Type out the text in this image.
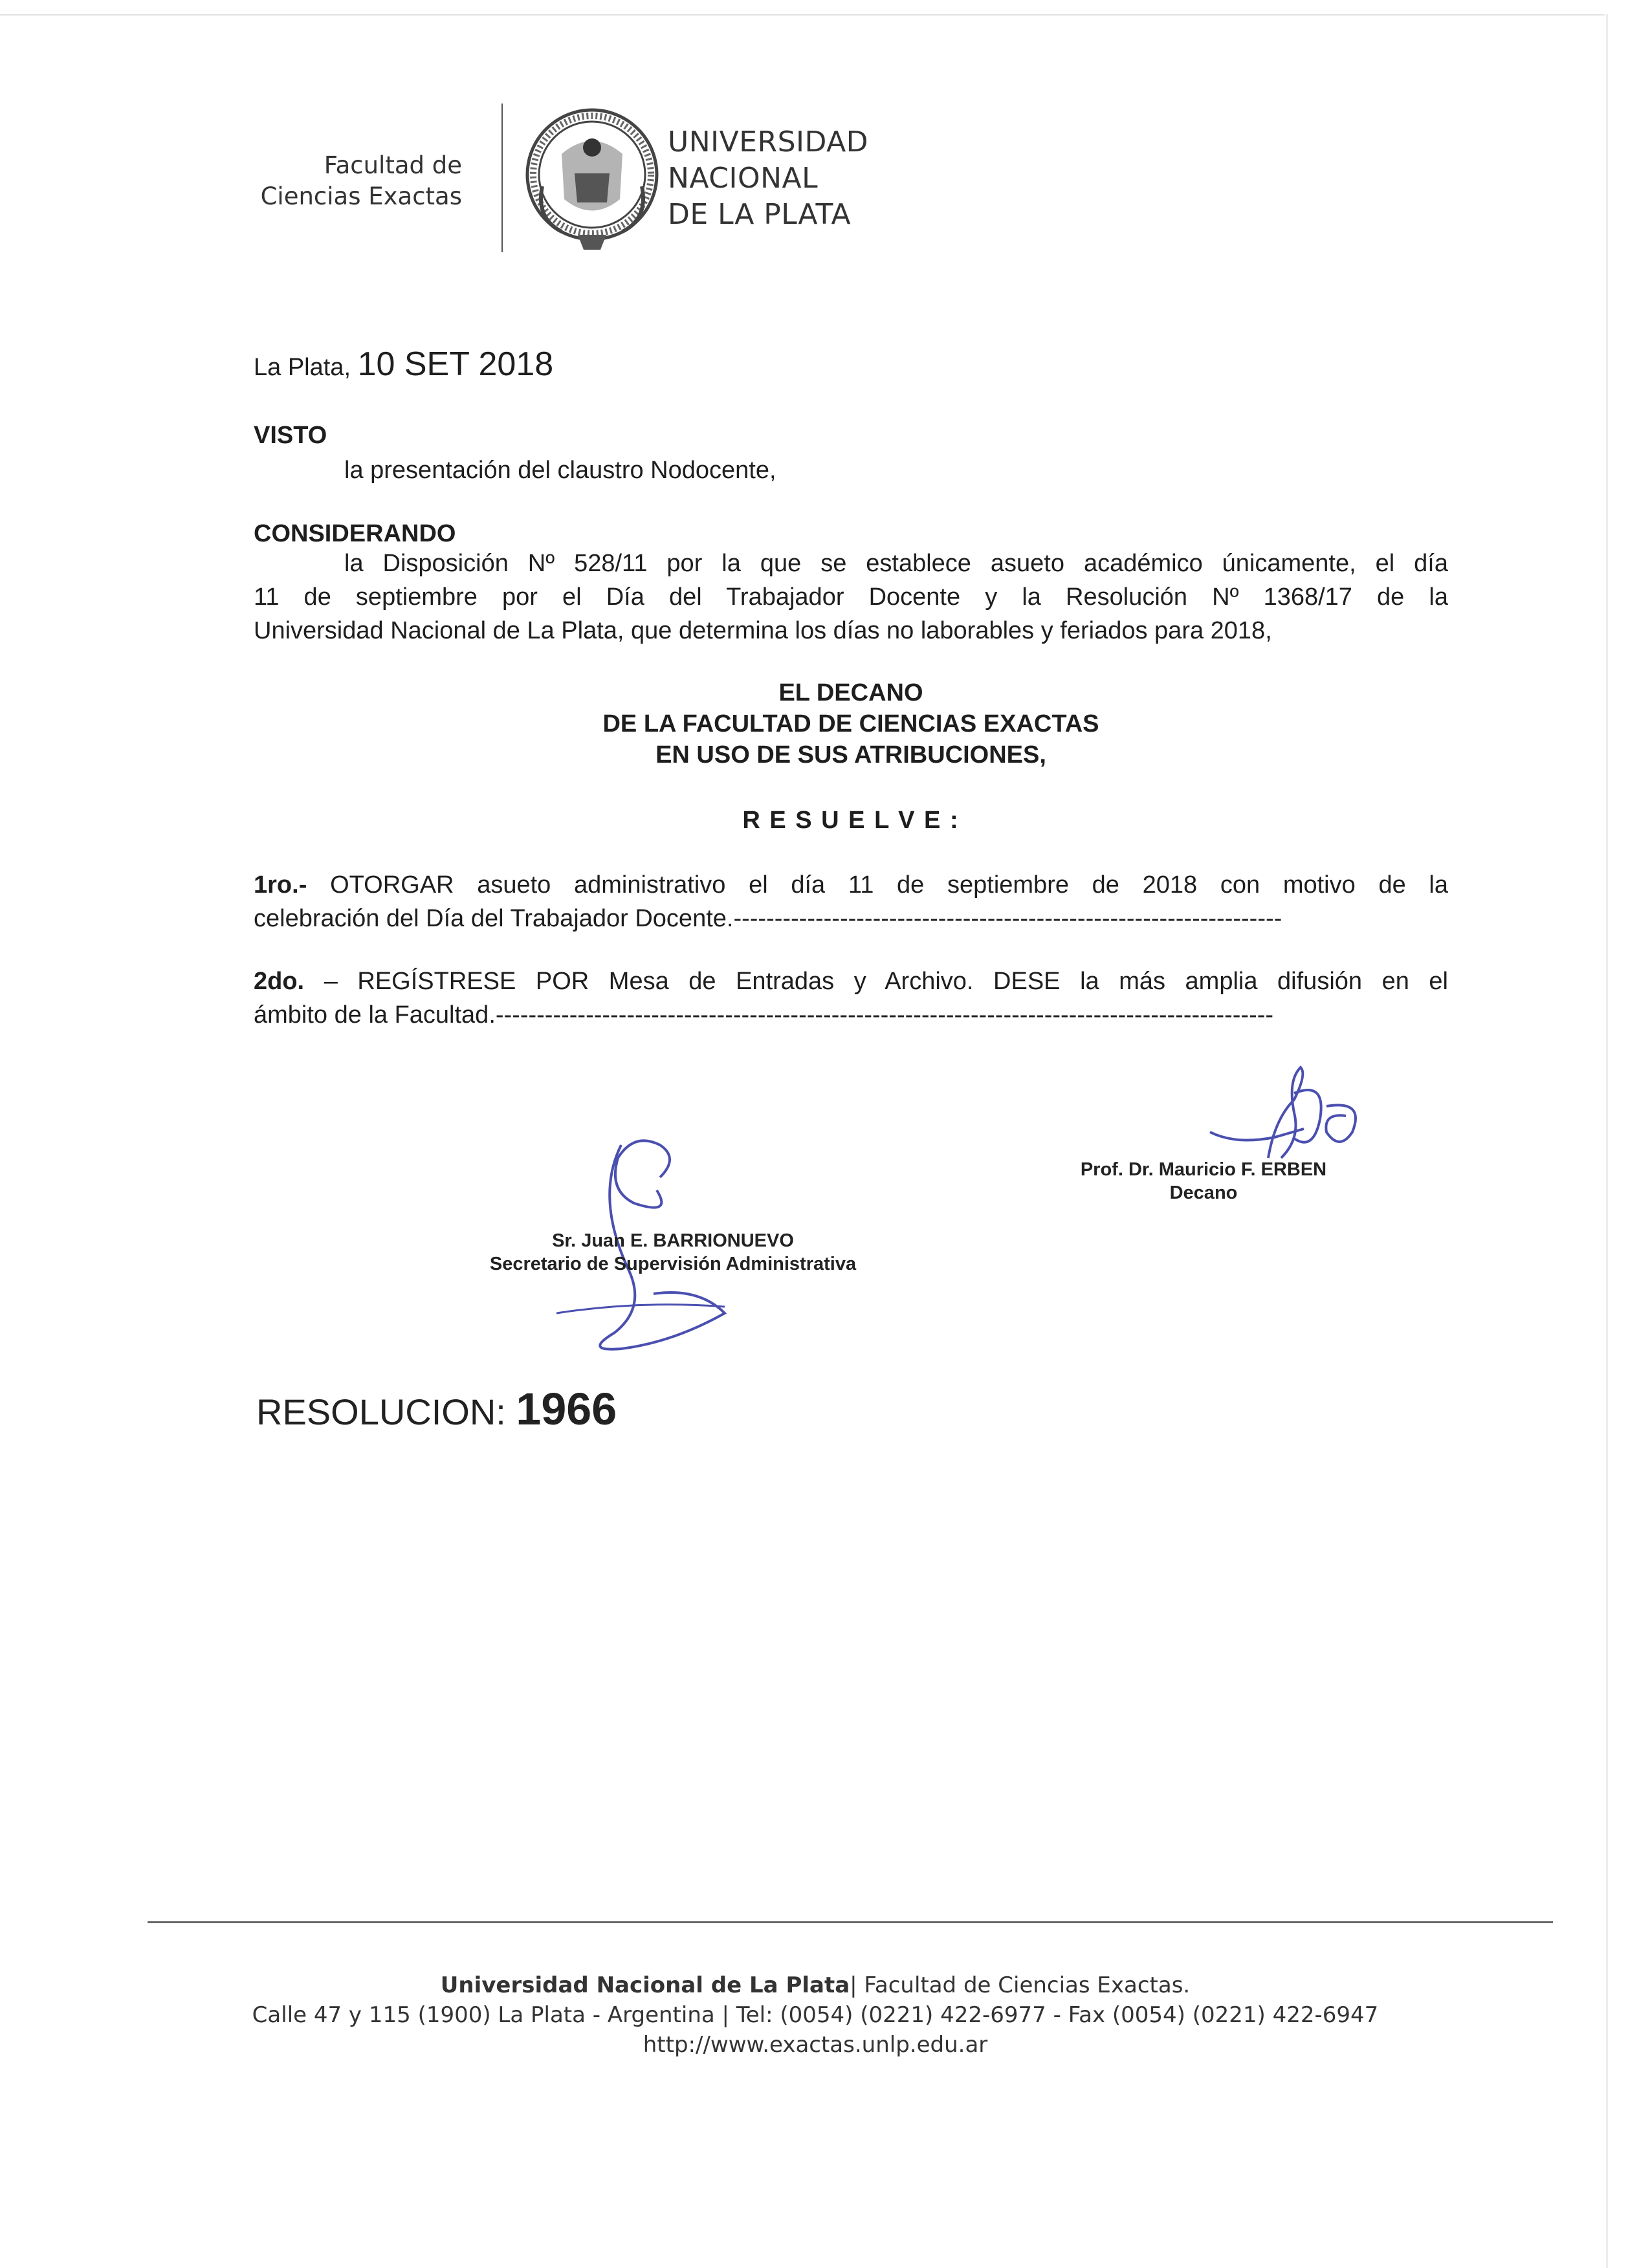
Facultad de
Ciencias Exactas
UNIVERSIDAD
NACIONAL
DE LA PLATA
La Plata, 10 SET 2018
VISTO
la presentación del claustro Nodocente,
CONSIDERANDO
la Disposición Nº 528/11 por la que se establece asueto académico únicamente, el día
11 de septiembre por el Día del Trabajador Docente y la Resolución Nº 1368/17 de la
Universidad Nacional de La Plata, que determina los días no laborables y feriados para 2018,
EL DECANO
DE LA FACULTAD DE CIENCIAS EXACTAS
EN USO DE SUS ATRIBUCIONES,
R E S U E L V E :
1ro.- OTORGAR asueto administrativo el día 11 de septiembre de 2018 con motivo de la
celebración del Día del Trabajador Docente.-------------------------------------------------------------------
2do. – REGÍSTRESE POR Mesa de Entradas y Archivo. DESE la más amplia difusión en el
ámbito de la Facultad.-----------------------------------------------------------------------------------------------
Prof. Dr. Mauricio F. ERBEN
Decano
Sr. Juan E. BARRIONUEVO
Secretario de Supervisión Administrativa
RESOLUCION: 1966
Universidad Nacional de La Plata| Facultad de Ciencias Exactas.
Calle 47 y 115 (1900) La Plata - Argentina | Tel: (0054) (0221) 422-6977 - Fax (0054) (0221) 422-6947
http://www.exactas.unlp.edu.ar
